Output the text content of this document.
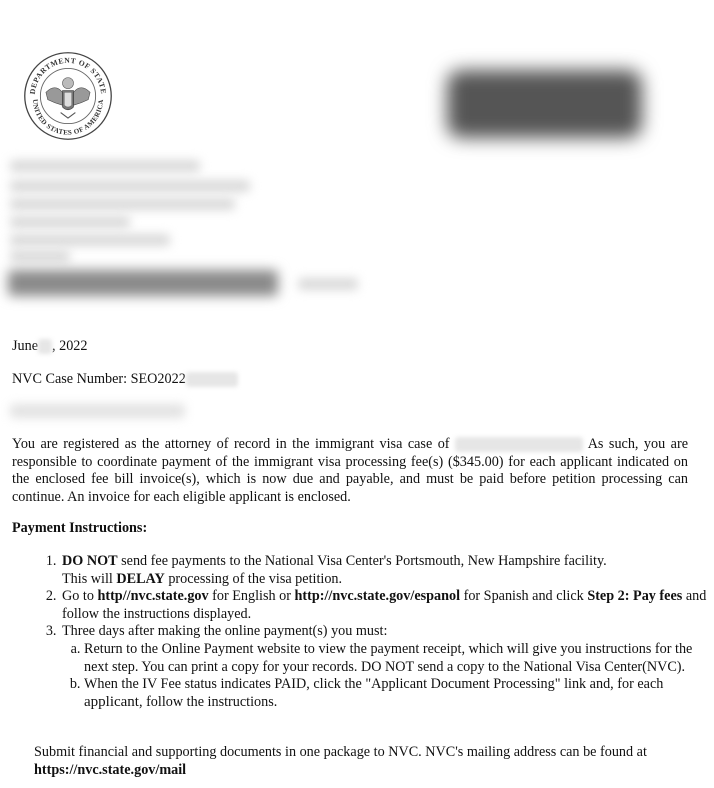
DEPARTMENT OF STATE
UNITED STATES OF AMERICA
June , 2022
NVC Case Number: SEO2022
You are registered as the attorney of record in the immigrant visa case of	As such, you are responsible to coordinate payment of the immigrant visa processing fee(s) ($345.00) for each applicant indicated on the enclosed fee bill invoice(s), which is now due and payable, and must be paid before petition processing can continue. An invoice for each eligible applicant is enclosed.
Payment Instructions:
1. DO NOT send fee payments to the National Visa Center's Portsmouth, New Hampshire facility.
This will DELAY processing of the visa petition.
2. Go to http//nvc.state.gov for English or http://nvc.state.gov/espanol for Spanish and click Step 2: Pay fees and follow the instructions displayed.
3. Three days after making the online payment(s) you must:
a. Return to the Online Payment website to view the payment receipt, which will give you instructions for the next step. You can print a copy for your records. DO NOT send a copy to the National Visa Center(NVC).
b. When the IV Fee status indicates PAID, click the "Applicant Document Processing" link and, for each applicant, follow the instructions.
Submit financial and supporting documents in one package to NVC. NVC's mailing address can be found at https://nvc.state.gov/mail
